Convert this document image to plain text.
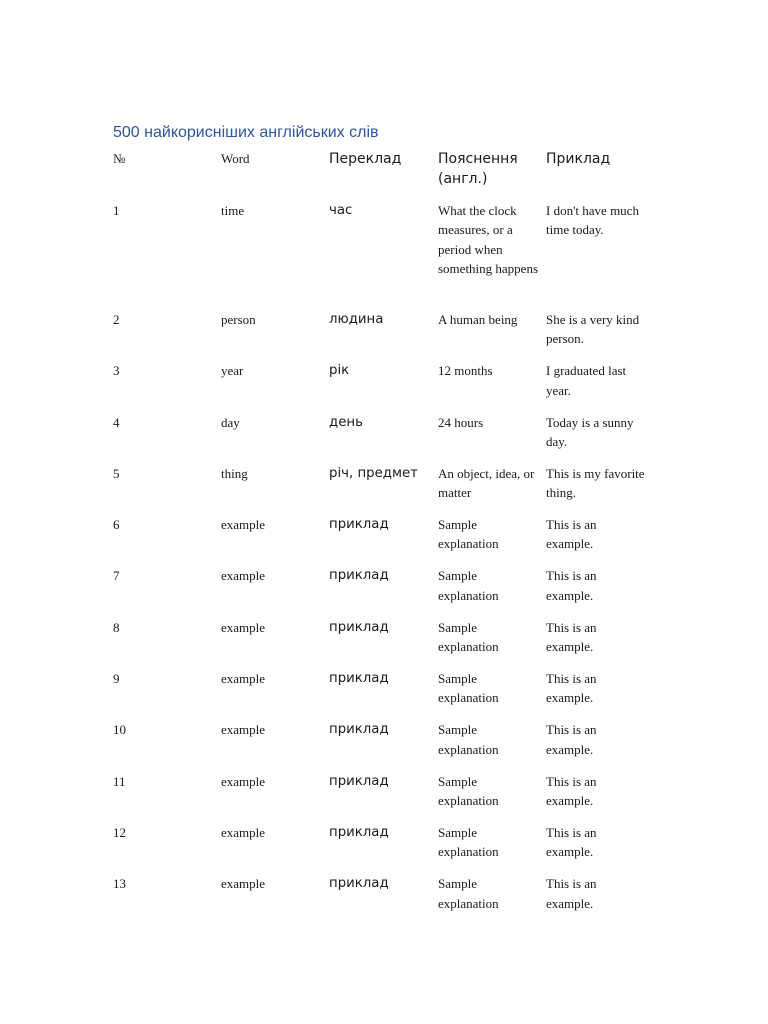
500 найкорисніших англійських слів
№	Word	Переклад	Пояснення (англ.)	Приклад

1	time	час	What the clock measures, or a period when something happens	I don't have much time today.

2	person	людина	A human being	She is a very kind person.

3	year	рік	12 months	I graduated last year.

4	day	день	24 hours	Today is a sunny day.

5	thing	річ, предмет	An object, idea, or matter	This is my favorite thing.

6	example	приклад	Sample explanation	This is an example.

7	example	приклад	Sample explanation	This is an example.

8	example	приклад	Sample explanation	This is an example.

9	example	приклад	Sample explanation	This is an example.

10	example	приклад	Sample explanation	This is an example.

11	example	приклад	Sample explanation	This is an example.

12	example	приклад	Sample explanation	This is an example.

13	example	приклад	Sample explanation	This is an example.
